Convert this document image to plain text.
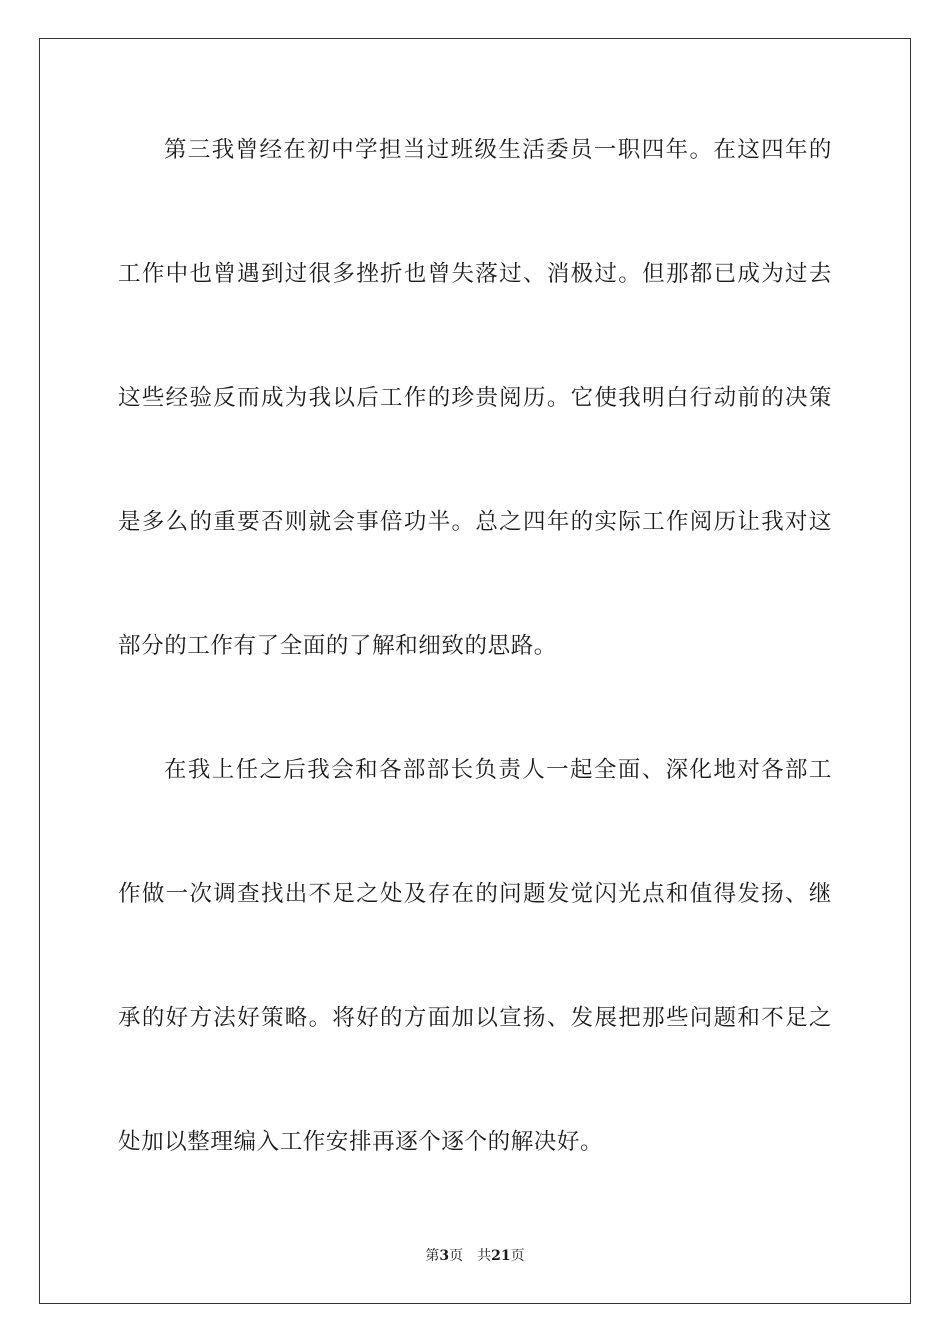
第三我曾经在初中学担当过班级生活委员一职四年。在这四年的
工作中也曾遇到过很多挫折也曾失落过、消极过。但那都已成为过去
这些经验反而成为我以后工作的珍贵阅历。它使我明白行动前的决策
是多么的重要否则就会事倍功半。总之四年的实际工作阅历让我对这
部分的工作有了全面的了解和细致的思路。
在我上任之后我会和各部部长负责人一起全面、深化地对各部工
作做一次调查找出不足之处及存在的问题发觉闪光点和值得发扬、继
承的好方法好策略。将好的方面加以宣扬、发展把那些问题和不足之
处加以整理编入工作安排再逐个逐个的解决好。
第3页 共21页
